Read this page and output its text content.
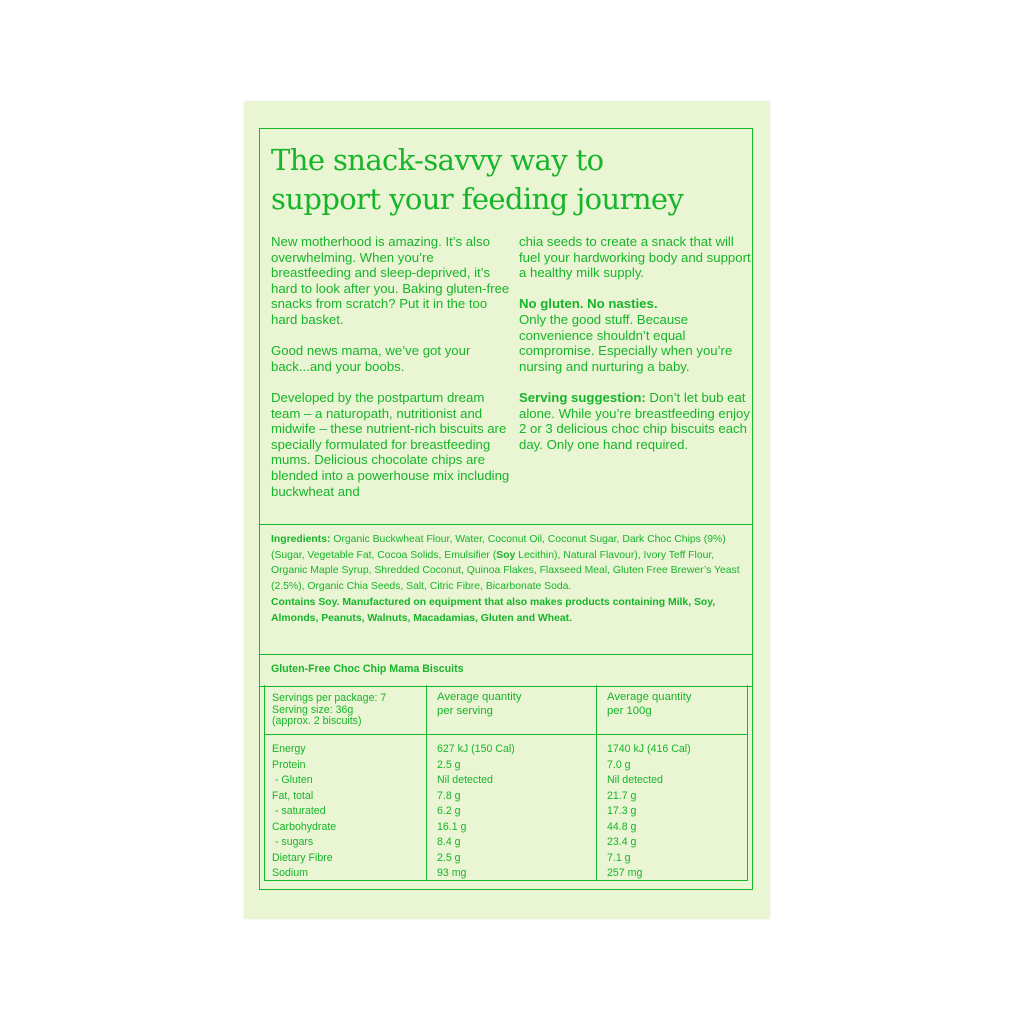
The snack-savvy way to
support your feeding journey

New motherhood is amazing. It’s also overwhelming. When you’re breastfeeding and sleep-deprived, it’s hard to look after you. Baking gluten-free snacks from scratch? Put it in the too hard basket.

Good news mama, we’ve got your back...and your boobs.

Developed by the postpartum dream team – a naturopath, nutritionist and midwife – these nutrient-rich biscuits are specially formulated for breastfeeding mums. Delicious chocolate chips are blended into a powerhouse mix including buckwheat and

chia seeds to create a snack that will fuel your hardworking body and support a healthy milk supply.

No gluten. No nasties.
Only the good stuff. Because convenience shouldn’t equal compromise. Especially when you’re nursing and nurturing a baby.

Serving suggestion: Don’t let bub eat alone. While you’re breastfeeding enjoy 2 or 3 delicious choc chip biscuits each day. Only one hand required.

Ingredients: Organic Buckwheat Flour, Water, Coconut Oil, Coconut Sugar, Dark Choc Chips (9%) (Sugar, Vegetable Fat, Cocoa Solids, Emulsifier (Soy Lecithin), Natural Flavour), Ivory Teff Flour, Organic Maple Syrup, Shredded Coconut, Quinoa Flakes, Flaxseed Meal, Gluten Free Brewer’s Yeast (2.5%), Organic Chia Seeds, Salt, Citric Fibre, Bicarbonate Soda.

Contains Soy. Manufactured on equipment that also makes products containing Milk, Soy, Almonds, Peanuts, Walnuts, Macadamias, Gluten and Wheat.

Gluten-Free Choc Chip Mama Biscuits
Servings per package: 7
Serving size: 36g
(approx. 2 biscuits)
Energy
Protein
- Gluten
Fat, total
- saturated
Carbohydrate
- sugars
Dietary Fibre
Sodium
Average quantity
per serving
627 kJ (150 Cal)
2.5 g
Nil detected
7.8 g
6.2 g
16.1 g
8.4 g
2.5 g
93 mg
Average quantity
per 100g
1740 kJ (416 Cal)
7.0 g
Nil detected
21.7 g
17.3 g
44.8 g
23.4 g
7.1 g
257 mg
